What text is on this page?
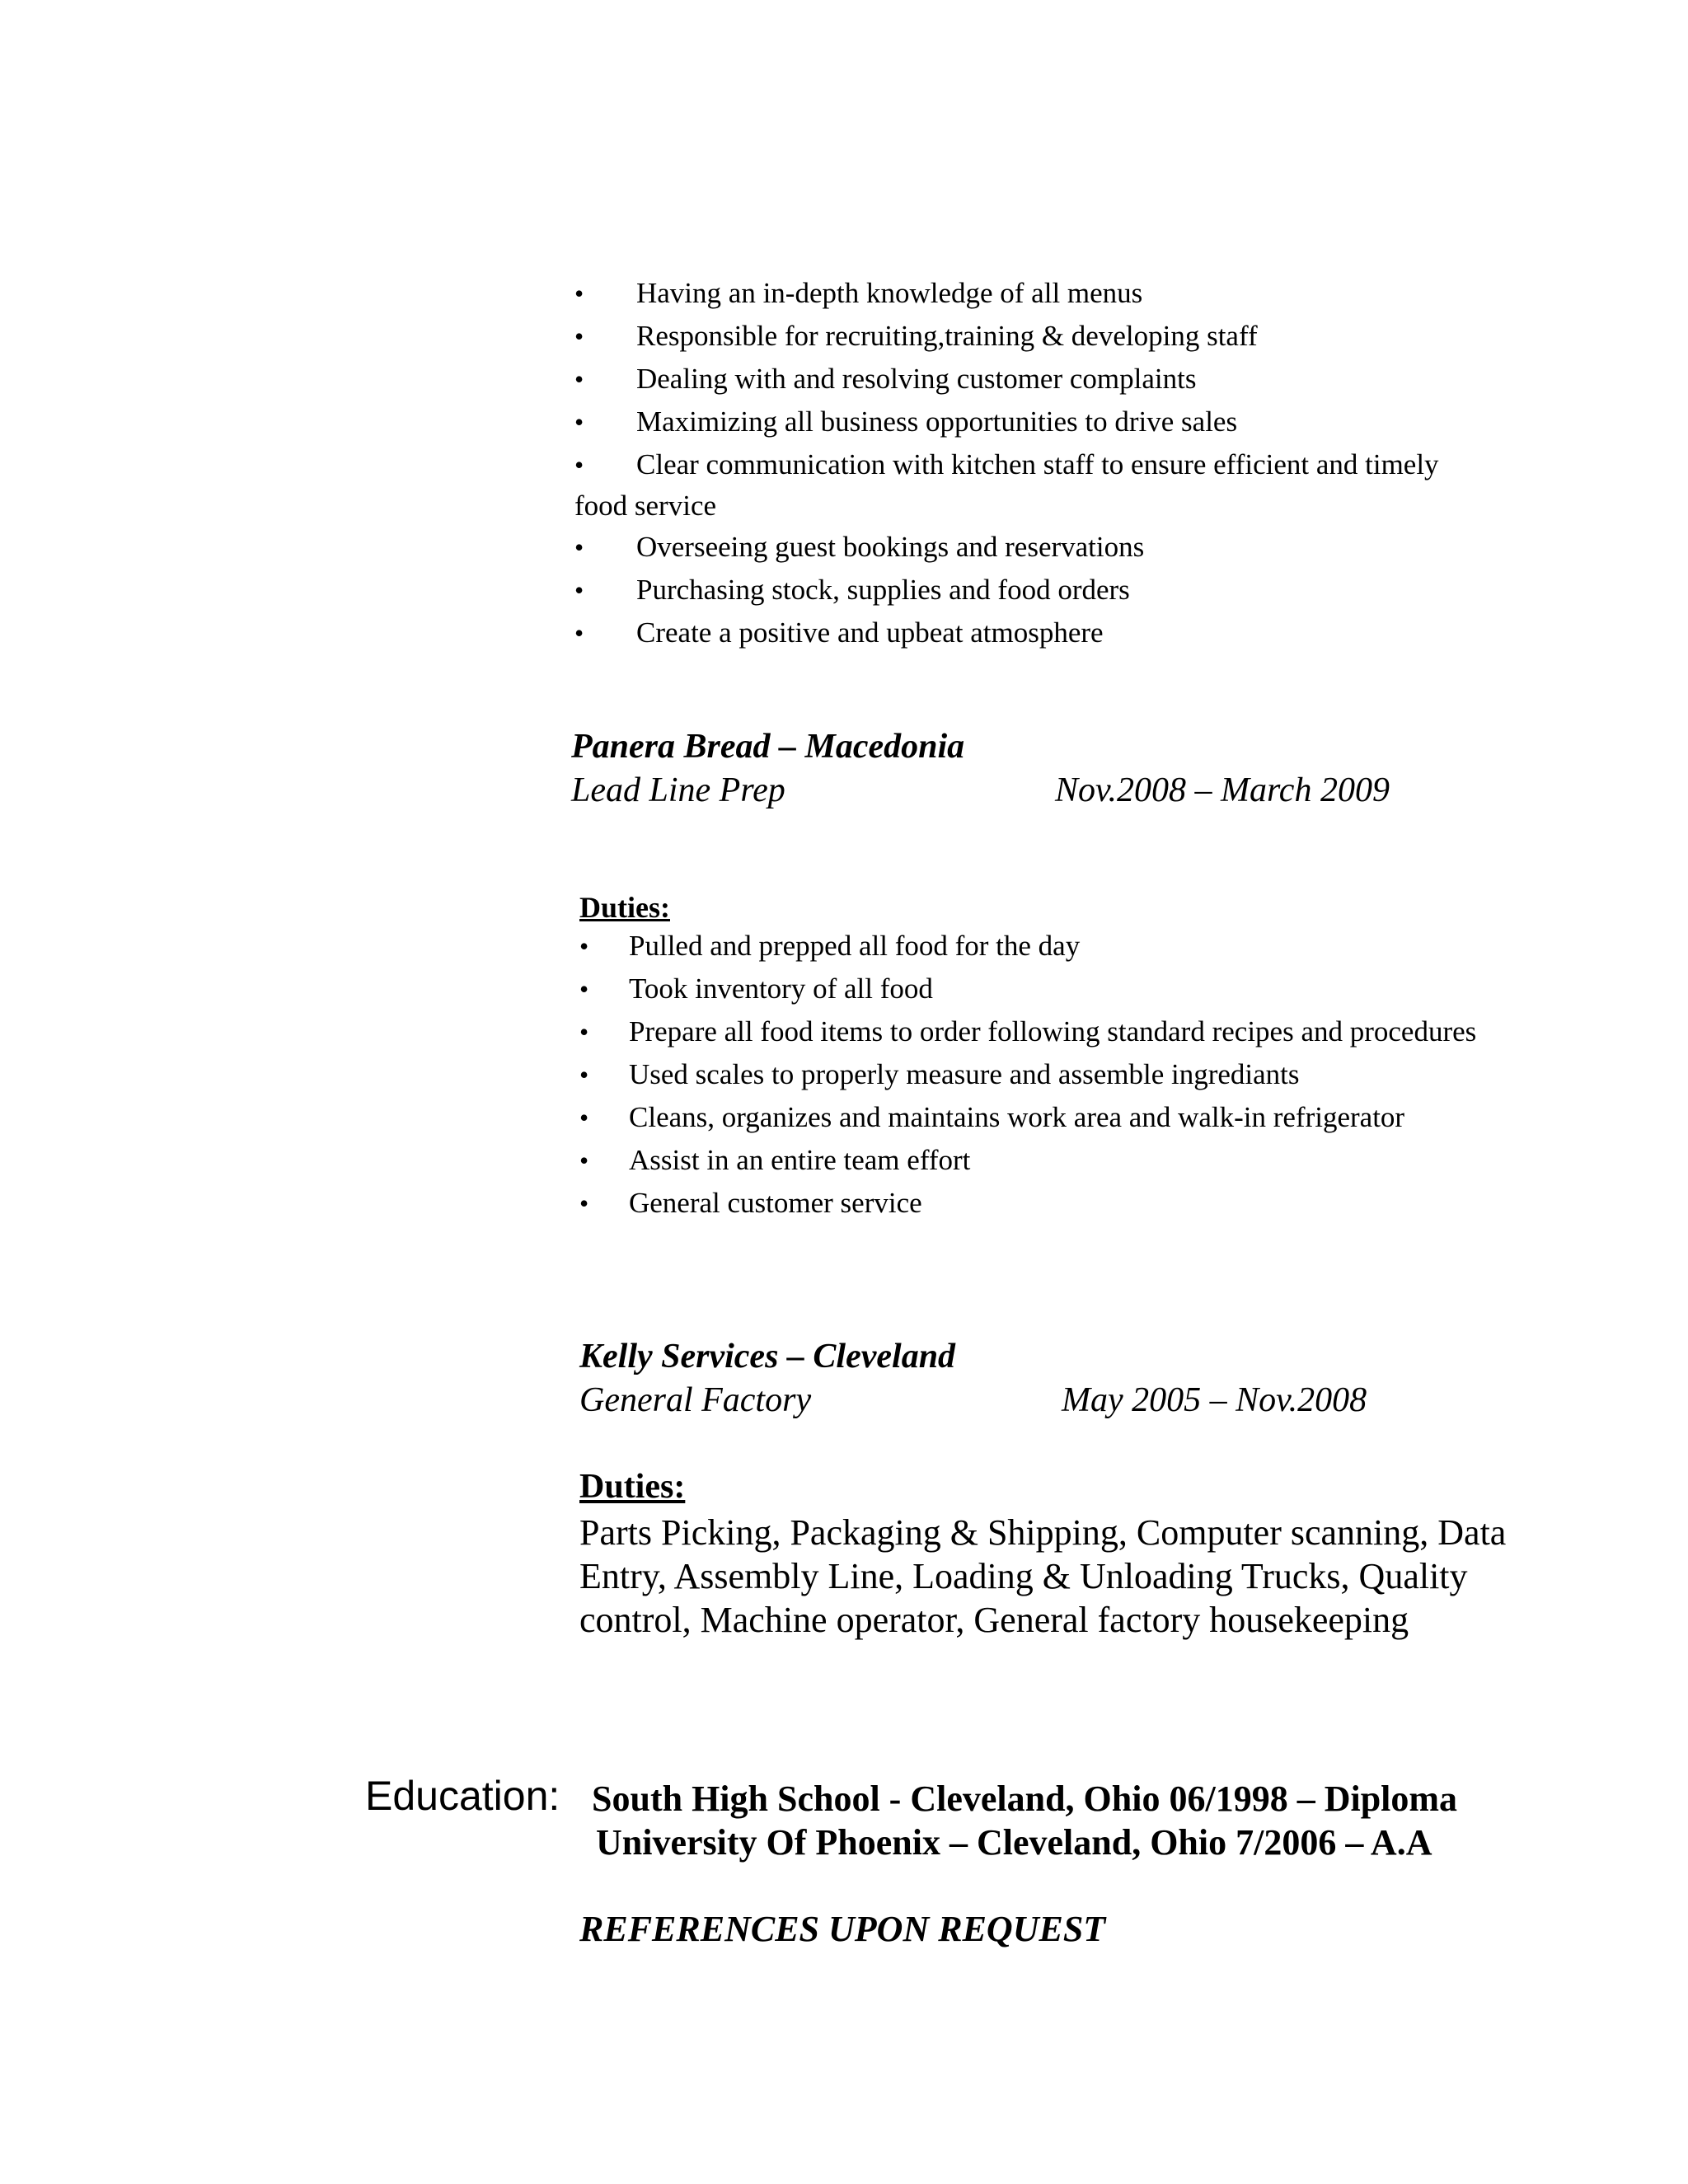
• Having an in-depth knowledge of all menus
• Responsible for recruiting,training & developing staff
• Dealing with and resolving customer complaints
• Maximizing all business opportunities to drive sales
• Clear communication with kitchen staff to ensure efficient and timely food service
• Overseeing guest bookings and reservations
• Purchasing stock, supplies and food orders
• Create a positive and upbeat atmosphere
Panera Bread – Macedonia
Lead Line Prep	Nov.2008 – March 2009
Duties:
• Pulled and prepped all food for the day
• Took inventory of all food
• Prepare all food items to order following standard recipes and procedures
• Used scales to properly measure and assemble ingrediants
• Cleans, organizes and maintains work area and walk-in refrigerator
• Assist in an entire team effort
• General customer service
Kelly Services – Cleveland
General Factory	May 2005 – Nov.2008
Duties:
Parts Picking, Packaging & Shipping, Computer scanning, Data Entry, Assembly Line, Loading & Unloading Trucks, Quality control, Machine operator, General factory housekeeping
Education: South High School - Cleveland, Ohio 06/1998 – Diploma
University Of Phoenix – Cleveland, Ohio 7/2006 – A.A
REFERENCES UPON REQUEST
